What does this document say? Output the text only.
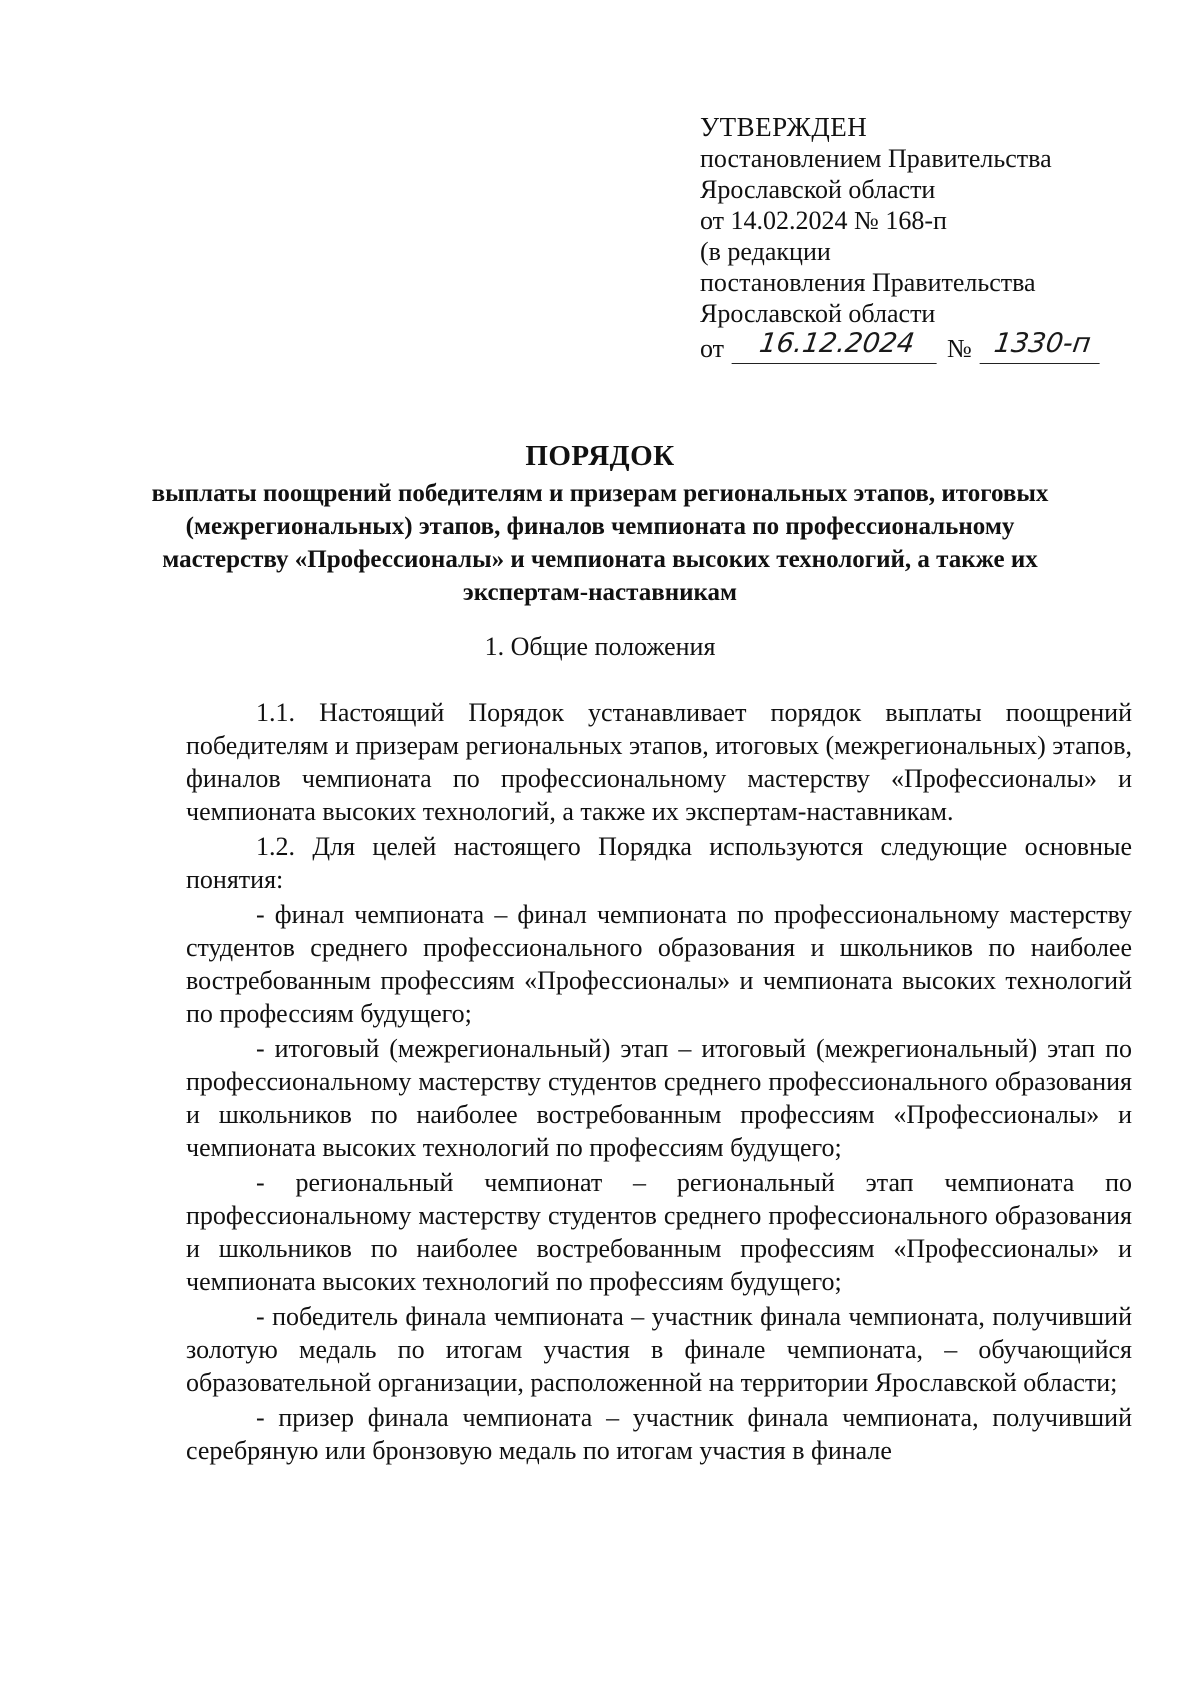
УТВЕРЖДЕН
постановлением Правительства
Ярославской области
от 14.02.2024 № 168-п
(в редакции
постановления Правительства
Ярославской области
от	16.12.2024	№ 1330-п
ПОРЯДОК
выплаты поощрений победителям и призерам региональных этапов, итоговых (межрегиональных) этапов, финалов чемпионата по профессиональному мастерству «Профессионалы» и чемпионата высоких технологий, а также их экспертам-наставникам
1. Общие положения

1.1. Настоящий Порядок устанавливает порядок выплаты поощрений победителям и призерам региональных этапов, итоговых (межрегиональных) этапов, финалов чемпионата по профессиональному мастерству «Профессионалы» и чемпионата высоких технологий, а также их экспертам-наставникам.

1.2. Для целей настоящего Порядка используются следующие основные понятия:

- финал чемпионата – финал чемпионата по профессиональному мастерству студентов среднего профессионального образования и школьников по наиболее востребованным профессиям «Профессионалы» и чемпионата высоких технологий по профессиям будущего;

- итоговый (межрегиональный) этап – итоговый (межрегиональный) этап по профессиональному мастерству студентов среднего профессионального образования и школьников по наиболее востребованным профессиям «Профессионалы» и чемпионата высоких технологий по профессиям будущего;

- региональный чемпионат – региональный этап чемпионата по профессиональному мастерству студентов среднего профессионального образования и школьников по наиболее востребованным профессиям «Профессионалы» и чемпионата высоких технологий по профессиям будущего;

- победитель финала чемпионата – участник финала чемпионата, получивший золотую медаль по итогам участия в финале чемпионата, – обучающийся образовательной организации, расположенной на территории Ярославской области;

- призер финала чемпионата – участник финала чемпионата, получивший серебряную или бронзовую медаль по итогам участия в финале
